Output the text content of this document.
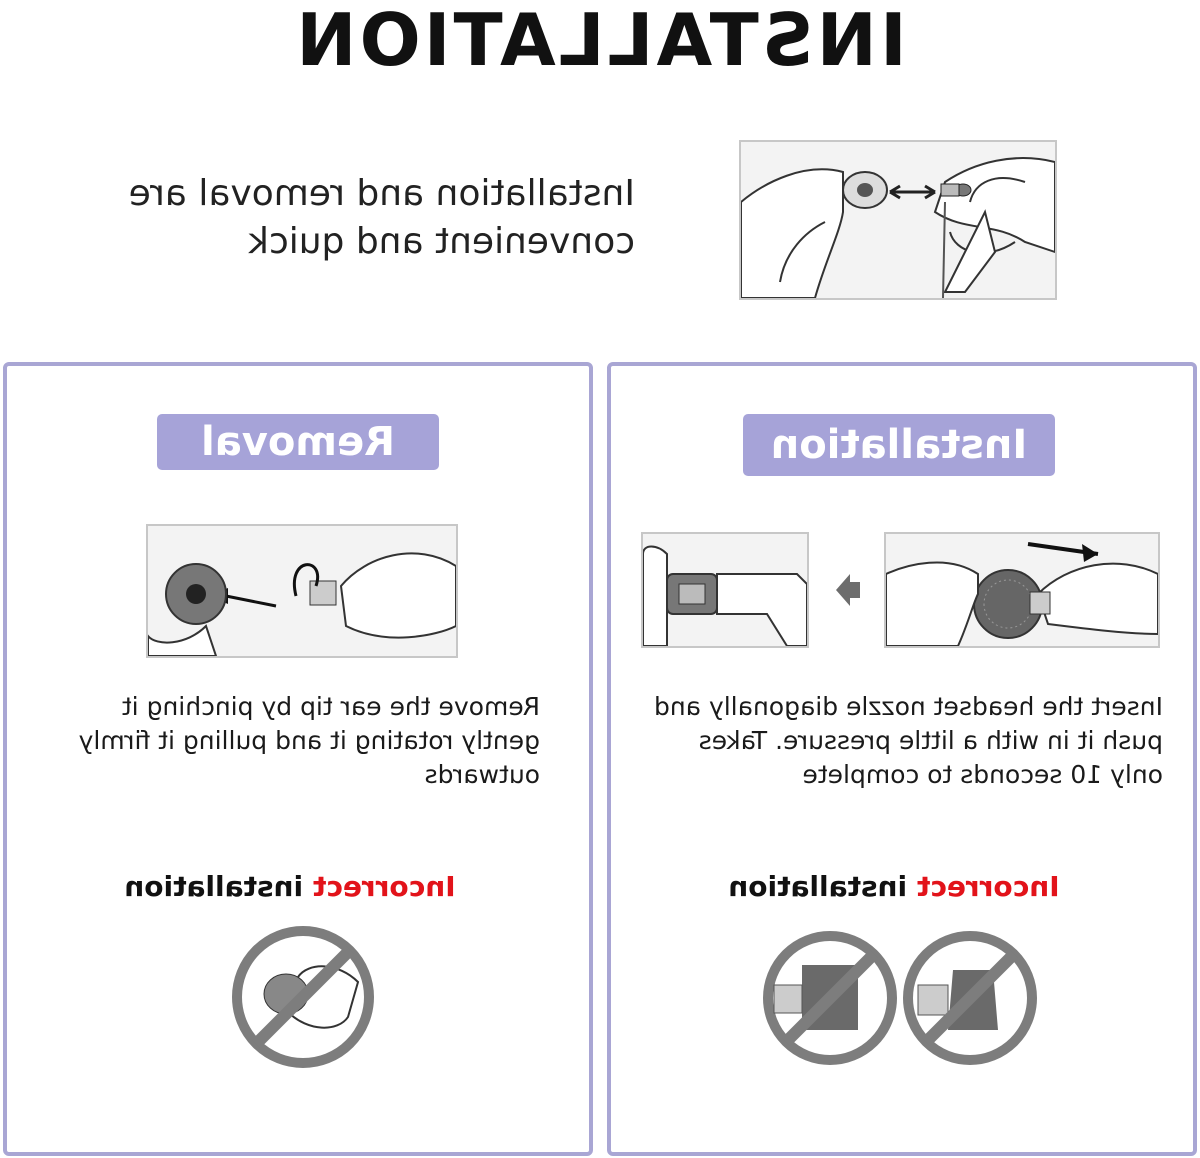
INSTALLATION
Installation and removal are convenient and quick
Installation
Insert the headset nozzle diagonally and push it in with a little pressure. Takes only 10 seconds to complete
Incorrect installation
Removal
Remove the ear tip by pinching it gently rotating it and pulling it firmly outwards
Incorrect installation
